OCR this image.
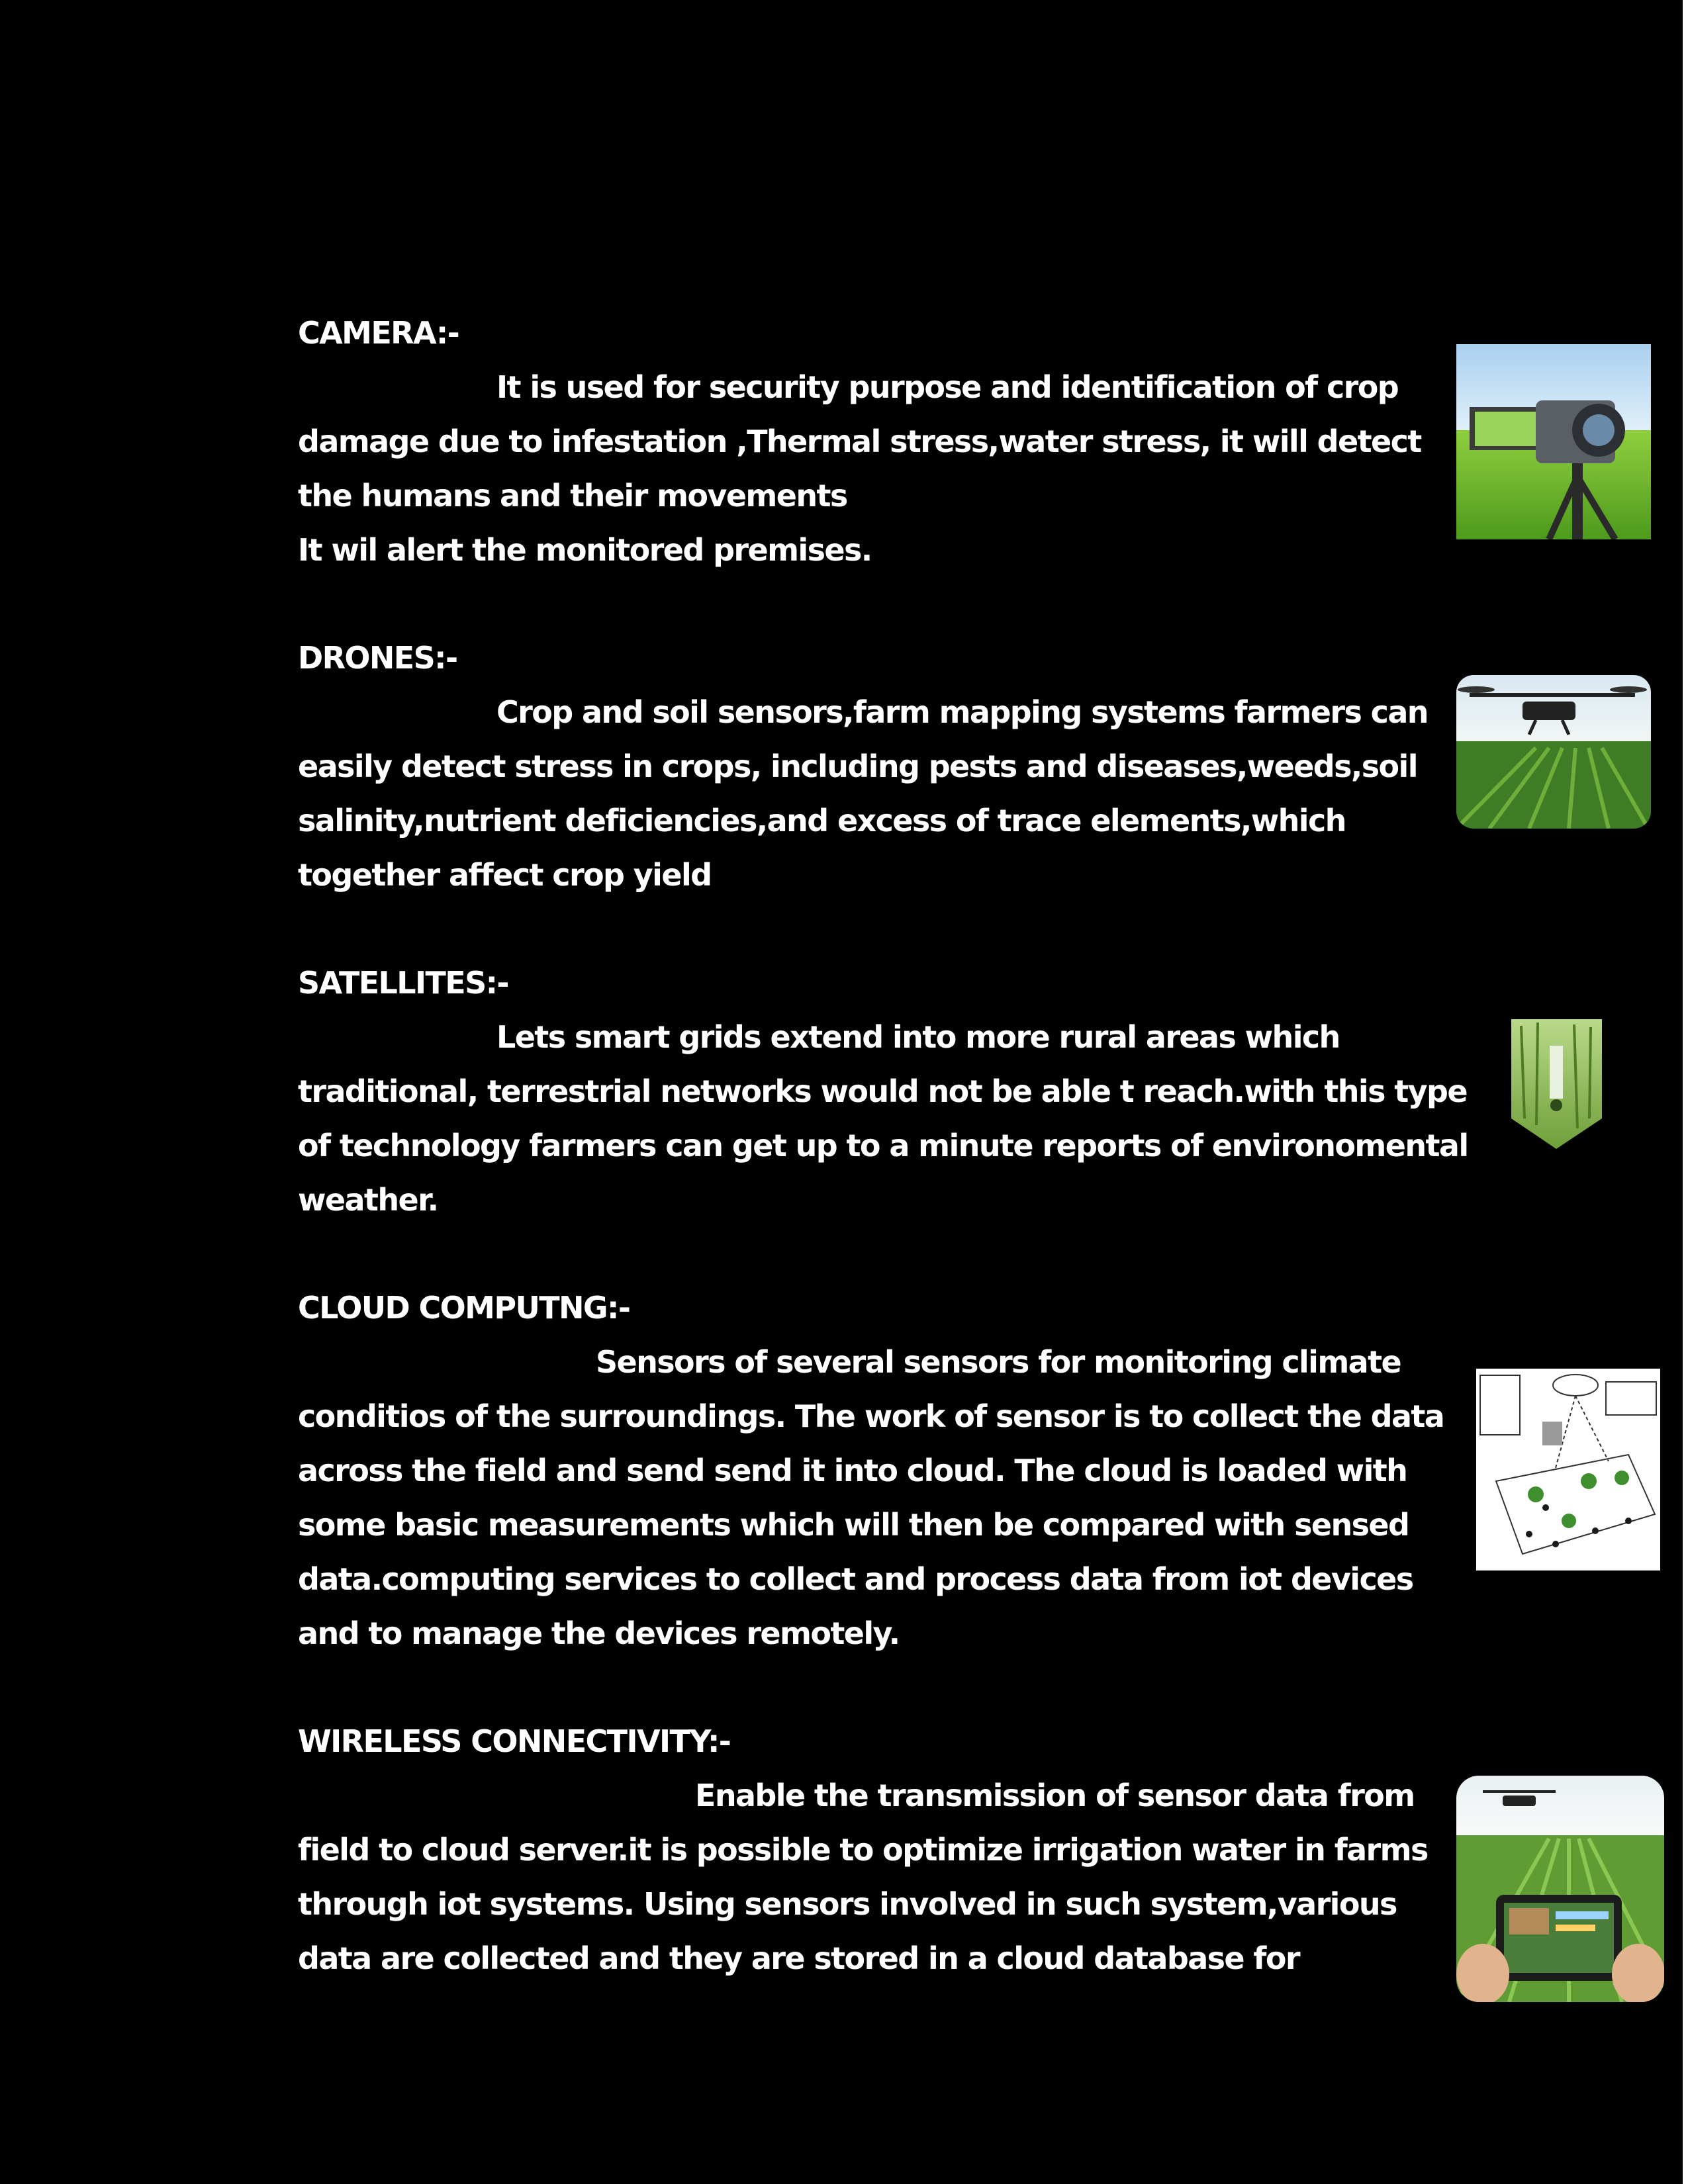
CAMERA:-
It is used for security purpose and identification of crop
damage due to infestation ,Thermal stress,water stress, it will detect
the humans and their movements
It wil alert the monitored premises.
DRONES:-
Crop and soil sensors,farm mapping systems farmers can
easily detect stress in crops, including pests and diseases,weeds,soil
salinity,nutrient deficiencies,and excess of trace elements,which
together affect crop yield
SATELLITES:-
Lets smart grids extend into more rural areas which
traditional, terrestrial networks would not be able t reach.with this type
of technology farmers can get up to a minute reports of environomental
weather.
CLOUD COMPUTNG:-
Sensors of several sensors for monitoring climate
conditios of the surroundings. The work of sensor is to collect the data
across the field and send send it into cloud. The cloud is loaded with
some basic measurements which will then be compared with sensed
data.computing services to collect and process data from iot devices
and to manage the devices remotely.
WIRELESS CONNECTIVITY:-
Enable the transmission of sensor data from
field to cloud server.it is possible to optimize irrigation water in farms
through iot systems. Using sensors involved in such system,various
data are collected and they are stored in a cloud database for
